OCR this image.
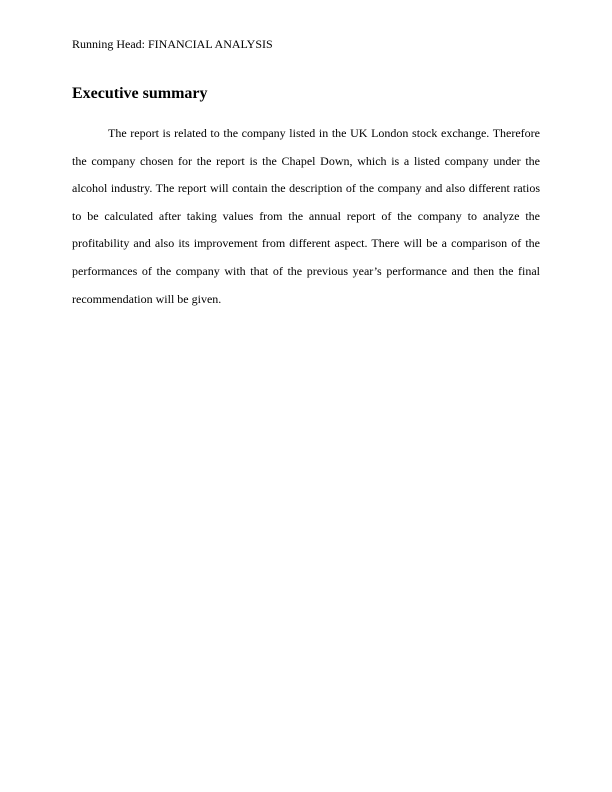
Running Head: FINANCIAL ANALYSIS
Executive summary

The report is related to the company listed in the UK London stock exchange. Therefore the company chosen for the report is the Chapel Down, which is a listed company under the alcohol industry. The report will contain the description of the company and also different ratios to be calculated after taking values from the annual report of the company to analyze the profitability and also its improvement from different aspect. There will be a comparison of the performances of the company with that of the previous year’s performance and then the final recommendation will be given.
